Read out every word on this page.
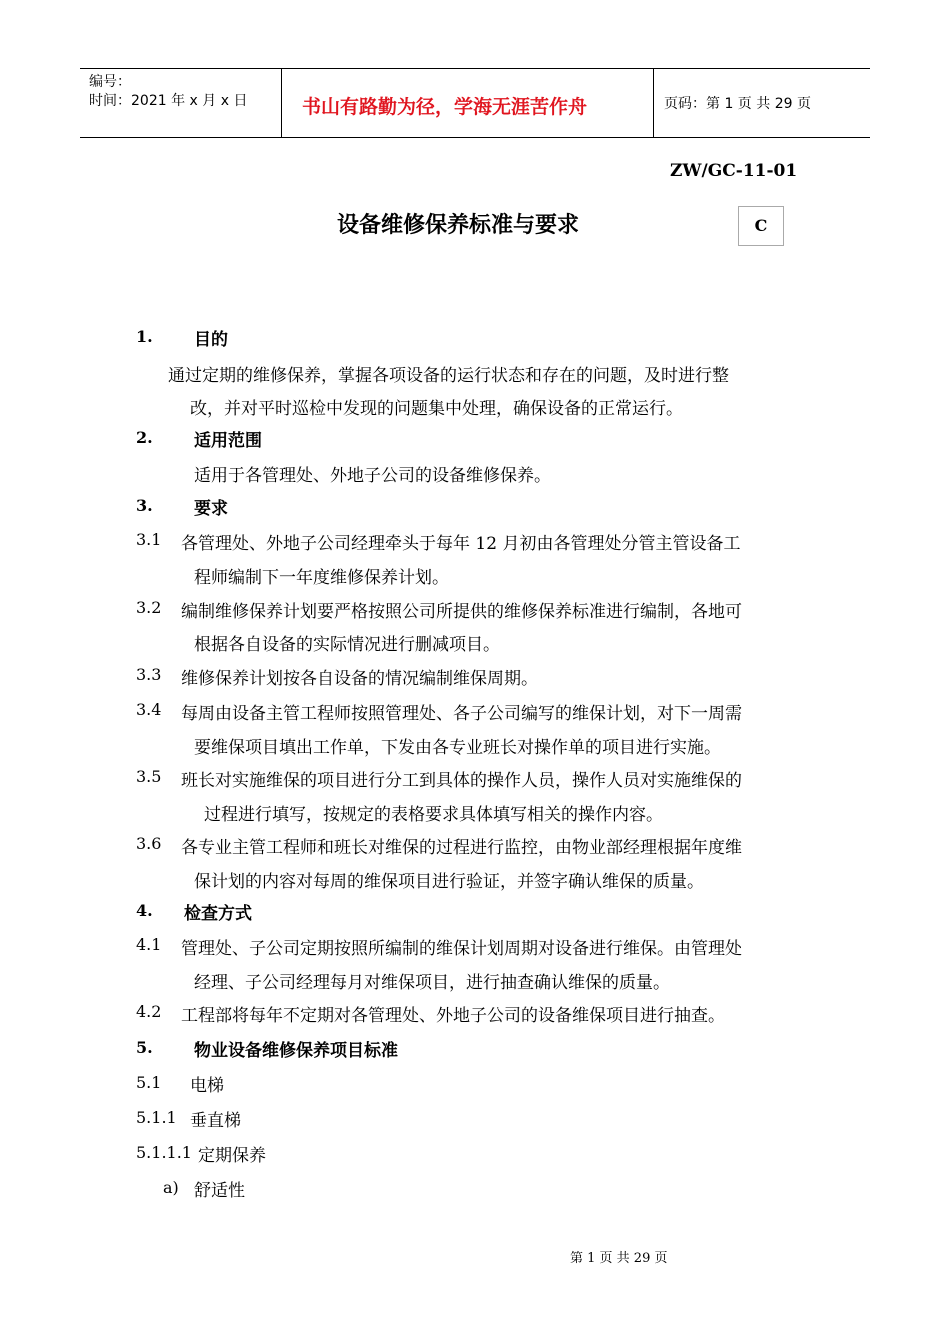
编号：
时间：2021 年 x 月 x 日	书山有路勤为径，学海无涯苦作舟	页码：第 1 页 共 29 页
ZW/GC-11-01
设备维修保养标准与要求	C
1. 目的
通过定期的维修保养，掌握各项设备的运行状态和存在的问题，及时进行整
改，并对平时巡检中发现的问题集中处理，确保设备的正常运行。
2. 适用范围
适用于各管理处、外地子公司的设备维修保养。
3. 要求
3.1 各管理处、外地子公司经理牵头于每年 12 月初由各管理处分管主管设备工
程师编制下一年度维修保养计划。
3.2 编制维修保养计划要严格按照公司所提供的维修保养标准进行编制，各地可
根据各自设备的实际情况进行删减项目。
3.3 维修保养计划按各自设备的情况编制维保周期。
3.4 每周由设备主管工程师按照管理处、各子公司编写的维保计划，对下一周需
要维保项目填出工作单，下发由各专业班长对操作单的项目进行实施。
3.5 班长对实施维保的项目进行分工到具体的操作人员，操作人员对实施维保的
过程进行填写，按规定的表格要求具体填写相关的操作内容。
3.6 各专业主管工程师和班长对维保的过程进行监控，由物业部经理根据年度维
保计划的内容对每周的维保项目进行验证，并签字确认维保的质量。
4. 检查方式
4.1 管理处、子公司定期按照所编制的维保计划周期对设备进行维保。由管理处
经理、子公司经理每月对维保项目，进行抽查确认维保的质量。
4.2 工程部将每年不定期对各管理处、外地子公司的设备维保项目进行抽查。
5. 物业设备维修保养项目标准
5.1 电梯
5.1.1 垂直梯
5.1.1.1 定期保养
a) 舒适性
第 1 页 共 29 页
